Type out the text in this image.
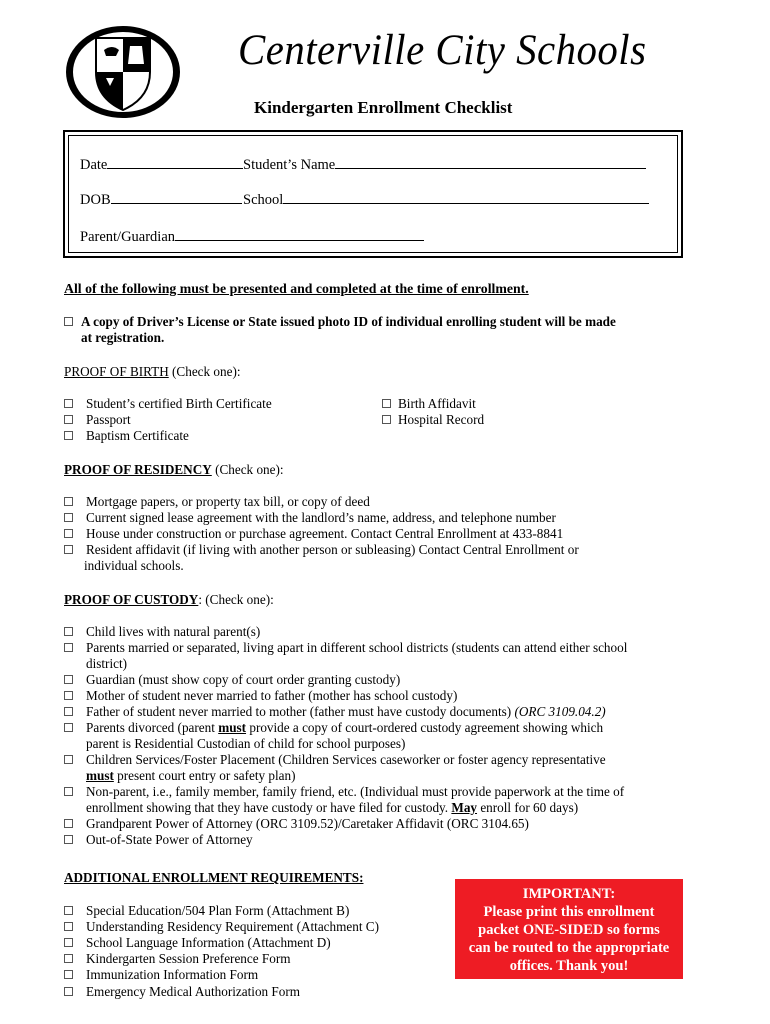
Centerville City Schools
Kindergarten Enrollment Checklist
Date	Student’s Name
DOB	School
Parent/Guardian
All of the following must be presented and completed at the time of enrollment.
A copy of Driver’s License or State issued photo ID of individual enrolling student will be made
at registration.
PROOF OF BIRTH (Check one):
Student’s certified Birth Certificate
Passport
Baptism Certificate
Birth Affidavit
Hospital Record
PROOF OF RESIDENCY (Check one):
Mortgage papers, or property tax bill, or copy of deed
Current signed lease agreement with the landlord’s name, address, and telephone number
House under construction or purchase agreement. Contact Central Enrollment at 433-8841
Resident affidavit (if living with another person or subleasing) Contact Central Enrollment or
individual schools.
PROOF OF CUSTODY: (Check one):
Child lives with natural parent(s)
Parents married or separated, living apart in different school districts (students can attend either school
district)
Guardian (must show copy of court order granting custody)
Mother of student never married to father (mother has school custody)
Father of student never married to mother (father must have custody documents) (ORC 3109.04.2)
Parents divorced (parent must provide a copy of court-ordered custody agreement showing which
parent is Residential Custodian of child for school purposes)
Children Services/Foster Placement (Children Services caseworker or foster agency representative
must present court entry or safety plan)
Non-parent, i.e., family member, family friend, etc. (Individual must provide paperwork at the time of
enrollment showing that they have custody or have filed for custody. May enroll for 60 days)
Grandparent Power of Attorney (ORC 3109.52)/Caretaker Affidavit (ORC 3104.65)
Out-of-State Power of Attorney
ADDITIONAL ENROLLMENT REQUIREMENTS:
Special Education/504 Plan Form (Attachment B)
Understanding Residency Requirement (Attachment C)
School Language Information (Attachment D)
Kindergarten Session Preference Form
Immunization Information Form
Emergency Medical Authorization Form
IMPORTANT:
Please print this enrollment
packet ONE-SIDED so forms
can be routed to the appropriate
offices. Thank you!
